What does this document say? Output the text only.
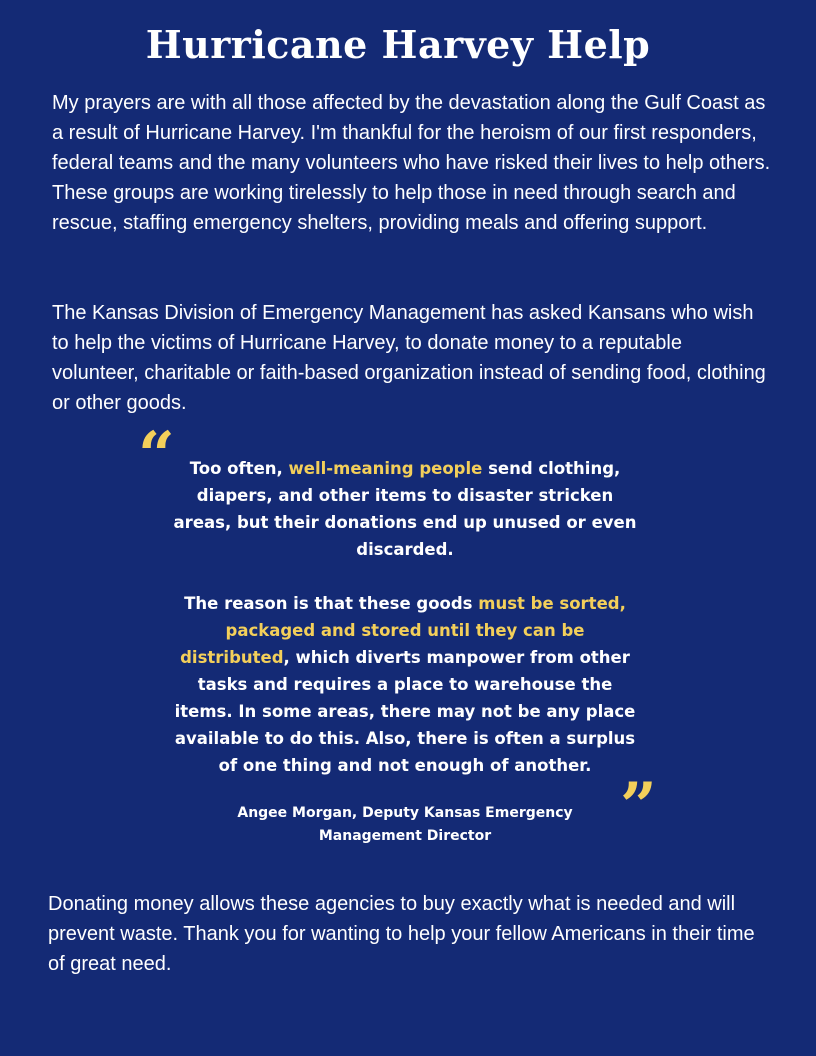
Hurricane Harvey Help

My prayers are with all those affected by the devastation along the Gulf Coast as a result of Hurricane Harvey. I'm thankful for the heroism of our first responders, federal teams and the many volunteers who have risked their lives to help others. These groups are working tirelessly to help those in need through search and rescue, staffing emergency shelters, providing meals and offering support.

The Kansas Division of Emergency Management has asked Kansans who wish to help the victims of Hurricane Harvey, to donate money to a reputable volunteer, charitable or faith-based organization instead of sending food, clothing or other goods.

“ Too often, well-meaning people send clothing, diapers, and other items to disaster stricken areas, but their donations end up unused or even discarded.

The reason is that these goods must be sorted, packaged and stored until they can be distributed, which diverts manpower from other tasks and requires a place to warehouse the items. In some areas, there may not be any place available to do this. Also, there is often a surplus of one thing and not enough of another.

”

Angee Morgan, Deputy Kansas Emergency Management Director

Donating money allows these agencies to buy exactly what is needed and will prevent waste. Thank you for wanting to help your fellow Americans in their time of great need.
